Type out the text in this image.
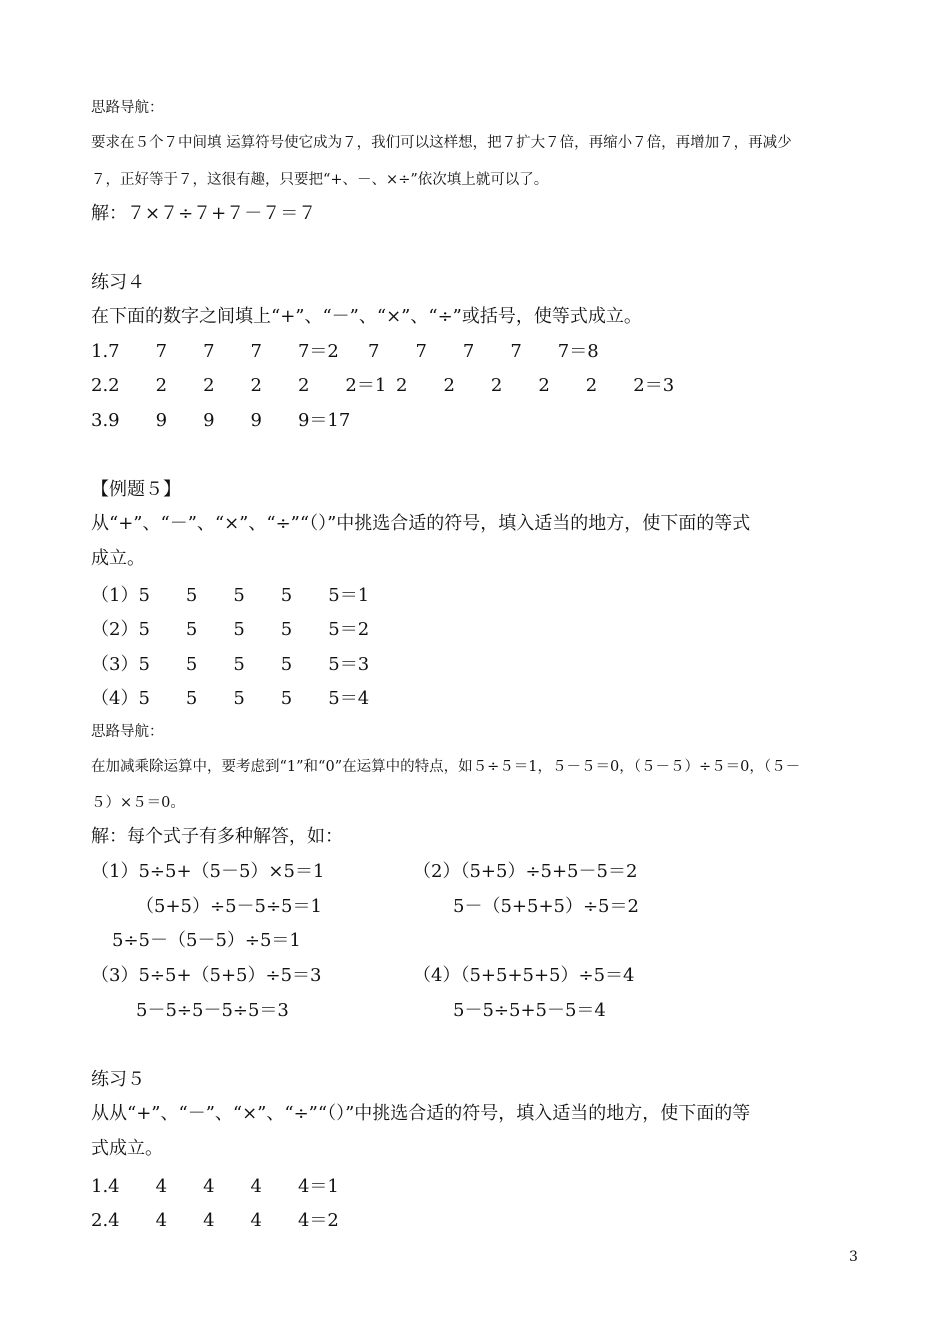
思路导航：
要求在５个７中间填 运算符号使它成为７，我们可以这样想，把７扩大７倍，再缩小７倍，再增加７，再减少
７，正好等于７，这很有趣，只要把“+、－、×÷”依次填上就可以了。
解：７×７÷７+７－７＝７
练习４
在下面的数字之间填上“+”、“－”、“×”、“÷”或括号，使等式成立。
1.7　　7　　7　　7　　7＝2 7　　7　　7　　7　　7＝8
2.2　　2　　2　　2　　2　　2＝1 2　　2　　2　　2　　2　　2＝3
3.9　　9　　9　　9　　9＝17
【例题５】
从“+”、“－”、“×”、“÷”“（）”中挑选合适的符号，填入适当的地方，使下面的等式
成立。
（1）5　　5　　5　　5　　5＝1
（2）5　　5　　5　　5　　5＝2
（3）5　　5　　5　　5　　5＝3
（4）5　　5　　5　　5　　5＝4
思路导航：
在加减乘除运算中，要考虑到“1”和“0”在运算中的特点，如５÷５＝1，５－５＝0，（５－５）÷５＝0，（５－
５）×５＝0。
解：每个式子有多种解答，如：
（1）5÷5+（5－5）×5＝1	（2）（5+5）÷5+5－5＝2
（5+5）÷5－5÷5＝1	5－（5+5+5）÷5＝2
5÷5－（5－5）÷5＝1
（3）5÷5+（5+5）÷5＝3	（4）（5+5+5+5）÷5＝4
5－5÷5－5÷5＝3	5－5÷5+5－5＝4
练习５
从从“+”、“－”、“×”、“÷”“（）”中挑选合适的符号，填入适当的地方，使下面的等
式成立。
1.4　　4　　4　　4　　4＝1
2.4　　4　　4　　4　　4＝2
3
